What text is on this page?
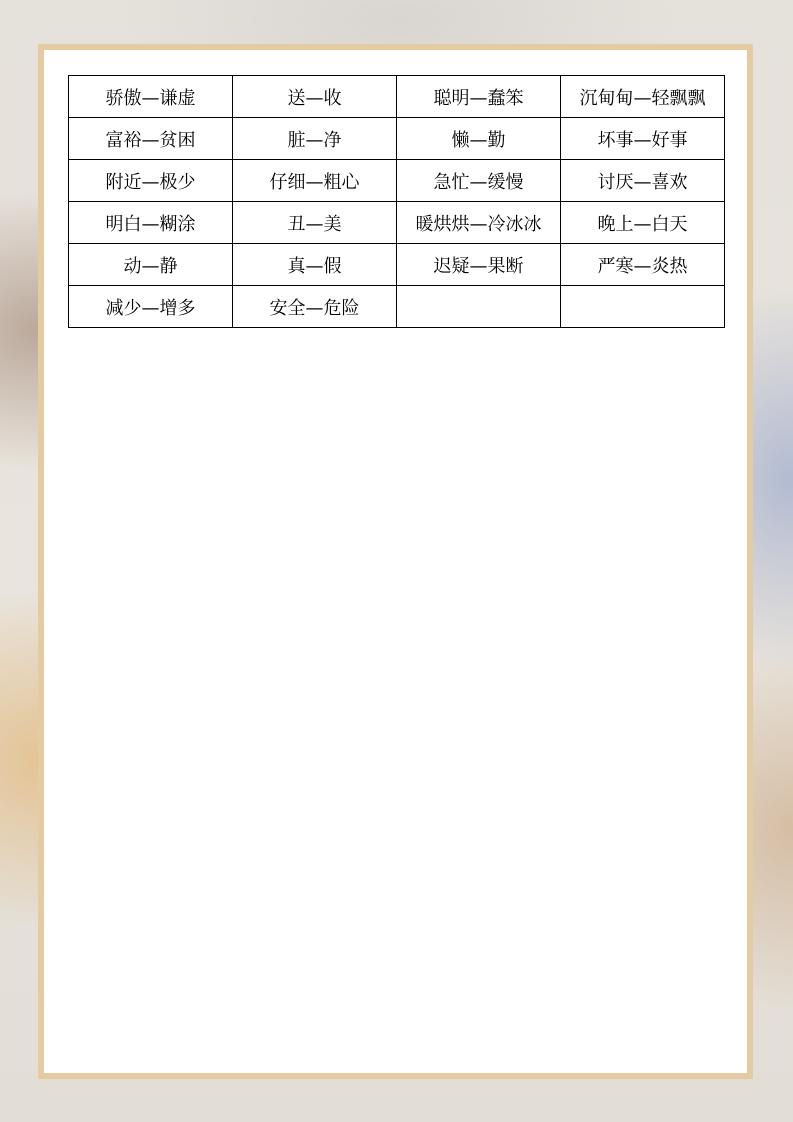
骄傲—谦虚	送—收	聪明—蠢笨	沉甸甸—轻飘飘
富裕—贫困	脏—净	懒—勤	坏事—好事
附近—极少	仔细—粗心	急忙—缓慢	讨厌—喜欢
明白—糊涂	丑—美	暖烘烘—冷冰冰	晚上—白天
动—静	真—假	迟疑—果断	严寒—炎热
减少—增多	安全—危险		
